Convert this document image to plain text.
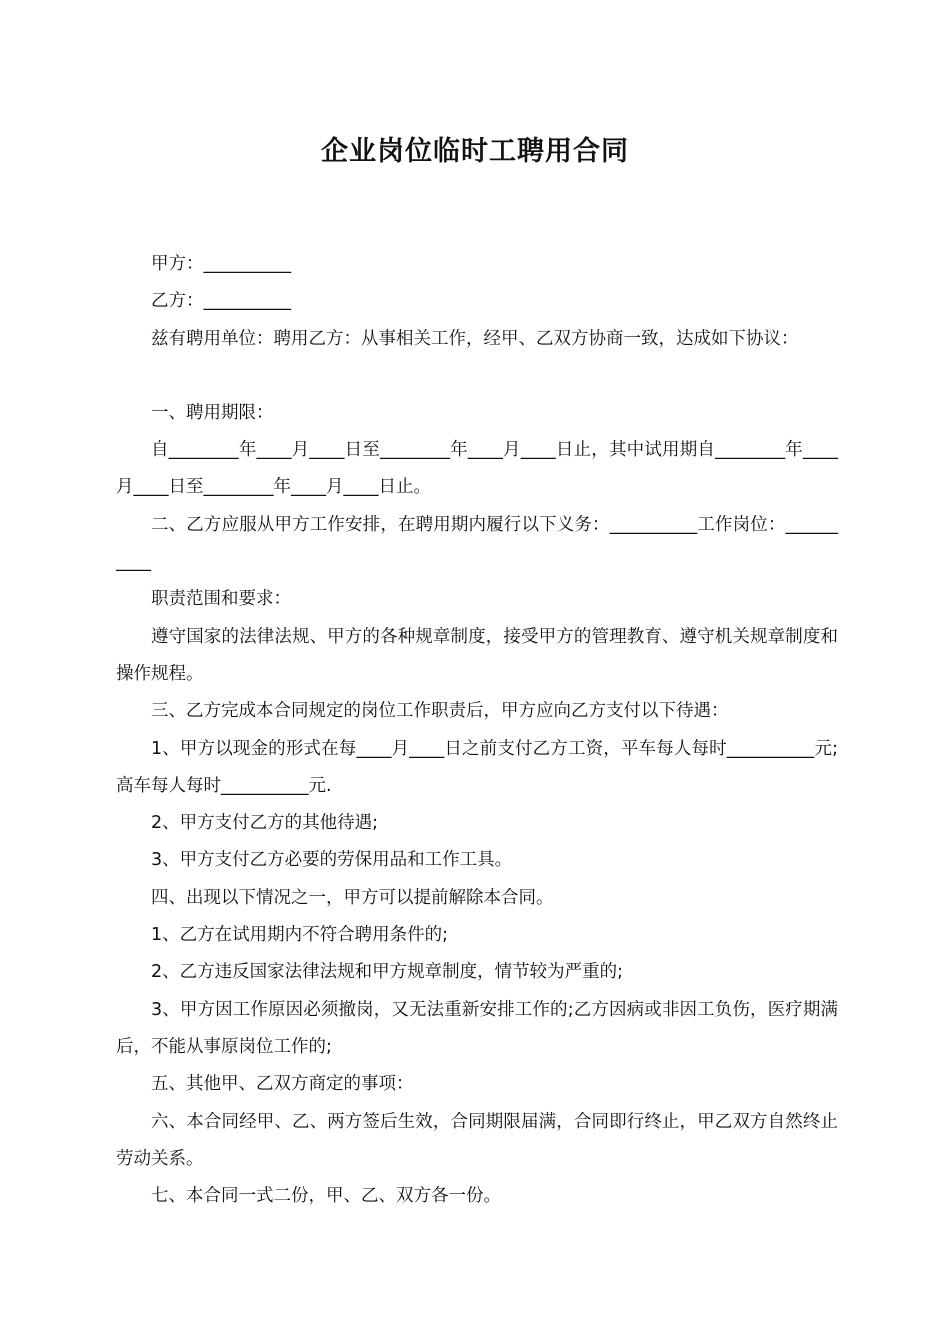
企业岗位临时工聘用合同

甲方：__________

乙方：__________

兹有聘用单位：聘用乙方：从事相关工作，经甲、乙双方协商一致，达成如下协议：

一、聘用期限：

自________年____月____日至________年____月____日止，其中试用期自________年____月____日至________年____月____日止。

二、乙方应服从甲方工作安排，在聘用期内履行以下义务：__________工作岗位：__________

职责范围和要求：

遵守国家的法律法规、甲方的各种规章制度，接受甲方的管理教育、遵守机关规章制度和操作规程。

三、乙方完成本合同规定的岗位工作职责后，甲方应向乙方支付以下待遇：

1、甲方以现金的形式在每____月____日之前支付乙方工资，平车每人每时__________元;高车每人每时__________元.

2、甲方支付乙方的其他待遇;

3、甲方支付乙方必要的劳保用品和工作工具。

四、出现以下情况之一，甲方可以提前解除本合同。

1、乙方在试用期内不符合聘用条件的;

2、乙方违反国家法律法规和甲方规章制度，情节较为严重的;

3、甲方因工作原因必须撤岗，又无法重新安排工作的;乙方因病或非因工负伤，医疗期满后，不能从事原岗位工作的;

五、其他甲、乙双方商定的事项：

六、本合同经甲、乙、两方签后生效，合同期限届满，合同即行终止，甲乙双方自然终止劳动关系。

七、本合同一式二份，甲、乙、双方各一份。
